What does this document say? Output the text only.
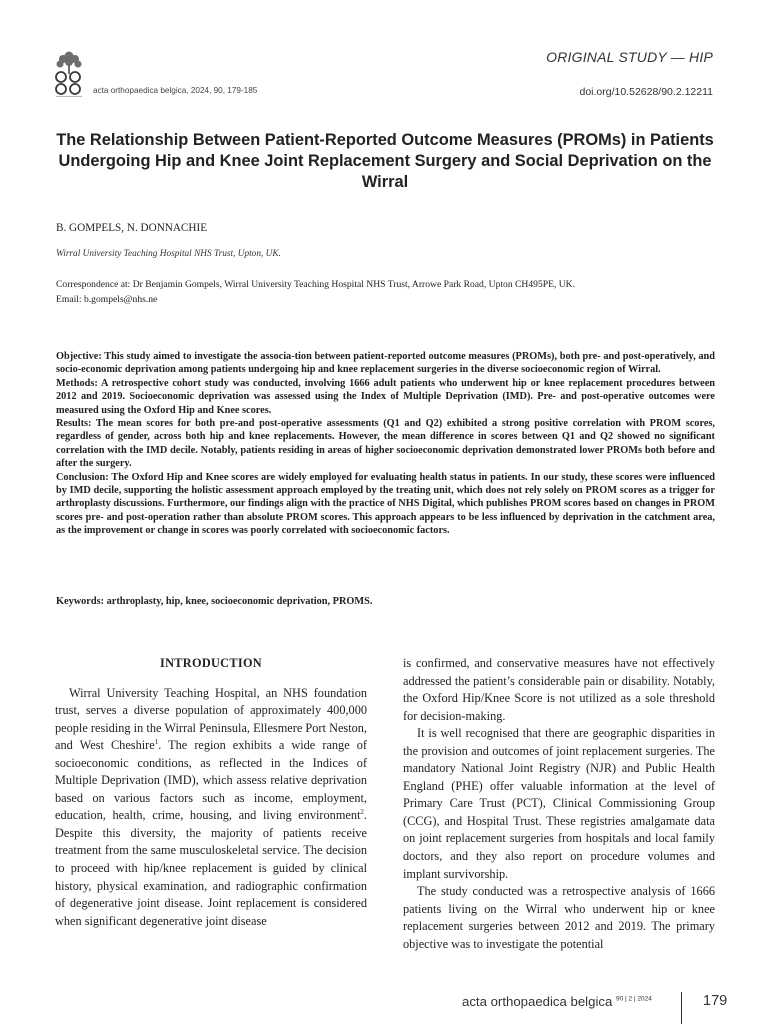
acta orthopaedica belgica, 2024, 90, 179-185
ORIGINAL STUDY — HIP
doi.org/10.52628/90.2.12211
The Relationship Between Patient-Reported Outcome Measures (PROMs) in Patients Undergoing Hip and Knee Joint Replacement Surgery and Social Deprivation on the Wirral
B. GOMPELS, N. DONNACHIE
Wirral University Teaching Hospital NHS Trust, Upton, UK.
Correspondence at: Dr Benjamin Gompels, Wirral University Teaching Hospital NHS Trust, Arrowe Park Road, Upton CH495PE, UK.
Email: b.gompels@nhs.ne

Objective: This study aimed to investigate the associa-tion between patient-reported outcome measures (PROMs), both pre- and post-operatively, and socio-economic deprivation among patients undergoing hip and knee replacement surgeries in the diverse socioeconomic region of Wirral.

Methods: A retrospective cohort study was conducted, involving 1666 adult patients who underwent hip or knee replacement procedures between 2012 and 2019. Socioeconomic deprivation was assessed using the Index of Multiple Deprivation (IMD). Pre- and post-operative outcomes were measured using the Oxford Hip and Knee scores.

Results: The mean scores for both pre-and post-operative assessments (Q1 and Q2) exhibited a strong positive correlation with PROM scores, regardless of gender, across both hip and knee replacements. However, the mean difference in scores between Q1 and Q2 showed no significant correlation with the IMD decile. Notably, patients residing in areas of higher socioeconomic deprivation demonstrated lower PROMs both before and after the surgery.

Conclusion: The Oxford Hip and Knee scores are widely employed for evaluating health status in patients. In our study, these scores were influenced by IMD decile, supporting the holistic assessment approach employed by the treating unit, which does not rely solely on PROM scores as a trigger for arthroplasty discussions. Furthermore, our findings align with the practice of NHS Digital, which publishes PROM scores based on changes in PROM scores pre- and post-operation rather than absolute PROM scores. This approach appears to be less influenced by deprivation in the catchment area, as the improvement or change in scores was poorly correlated with socioeconomic factors.

Keywords: arthroplasty, hip, knee, socioeconomic deprivation, PROMS.

INTRODUCTION

Wirral University Teaching Hospital, an NHS foundation trust, serves a diverse population of approximately 400,000 people residing in the Wirral Peninsula, Ellesmere Port Neston, and West Cheshire$^1$. The region exhibits a wide range of socioeconomic conditions, as reflected in the Indices of Multiple Deprivation (IMD), which assess relative deprivation based on various factors such as income, employment, education, health, crime, housing, and living environment$^2$. Despite this diversity, the majority of patients receive treatment from the same musculoskeletal service. The decision to proceed with hip/knee replacement is guided by clinical history, physical examination, and radiographic confirmation of degenerative joint disease. Joint replacement is considered when significant degenerative joint disease

is confirmed, and conservative measures have not effectively addressed the patient’s considerable pain or disability. Notably, the Oxford Hip/Knee Score is not utilized as a sole threshold for decision-making.

It is well recognised that there are geographic disparities in the provision and outcomes of joint replacement surgeries. The mandatory National Joint Registry (NJR) and Public Health England (PHE) offer valuable information at the level of Primary Care Trust (PCT), Clinical Commissioning Group (CCG), and Hospital Trust. These registries amalgamate data on joint replacement surgeries from hospitals and local family doctors, and they also report on procedure volumes and implant survivorship.

The study conducted was a retrospective analysis of 1666 patients living on the Wirral who underwent hip or knee replacement surgeries between 2012 and 2019. The primary objective was to investigate the potential

acta orthopaedica belgica $^{90 | 2 | 2024}$	179
